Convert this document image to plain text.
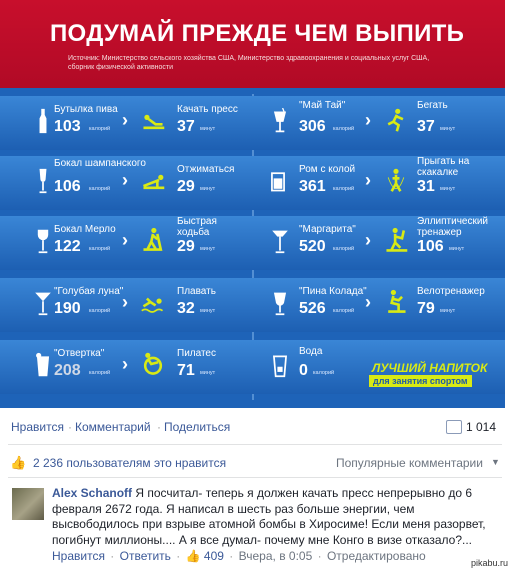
ПОДУМАЙ ПРЕЖДЕ ЧЕМ ВЫПИТЬ
Источник: Министерство сельского хозяйства США, Министерство здравоохранения и социальных услуг США, сборник физической активности
Бутылка пива
103 калорий ›
Качать пресс
37 минут
"Май Тай"
306 калорий ›
Бегать
37 минут
Бокал шампанского
106 калорий ›
Отжиматься
29 минут
Ром с колой
361 калорий ›
Прыгать на скакалке
31 минут
Бокал Мерло
122 калорий ›
Быстрая ходьба
29 минут
"Маргарита"
520 калорий ›
Эллиптический тренажер
106 минут
"Голубая луна"
190 калорий ›
Плавать
32 минут
"Пина Колада"
526 калорий ›
Велотренажер
79 минут
"Отвертка"
208 калорий ›
Пилатес
71 минут
Вода
0 калорий	ЛУЧШИЙ НАПИТОК
для занятия спортом
Нравится · Комментарий · Поделиться	1 014
👍 2 236 пользователям это нравится	Популярные комментарии ▼
Alex Schanoff Я посчитал- теперь я должен качать пресс непрерывно до 6 февраля 2672 года. Я написал в шесть раз больше энергии, чем высвободилось при взрыве атомной бомбы в Хиросиме! Если меня разорвет, погибнут миллионы.... А я все думал- почему мне Конго в визе отказало?...
Нравится · Ответить · 👍 409 · Вчера, в 0:05 · Отредактировано	pikabu.ru
